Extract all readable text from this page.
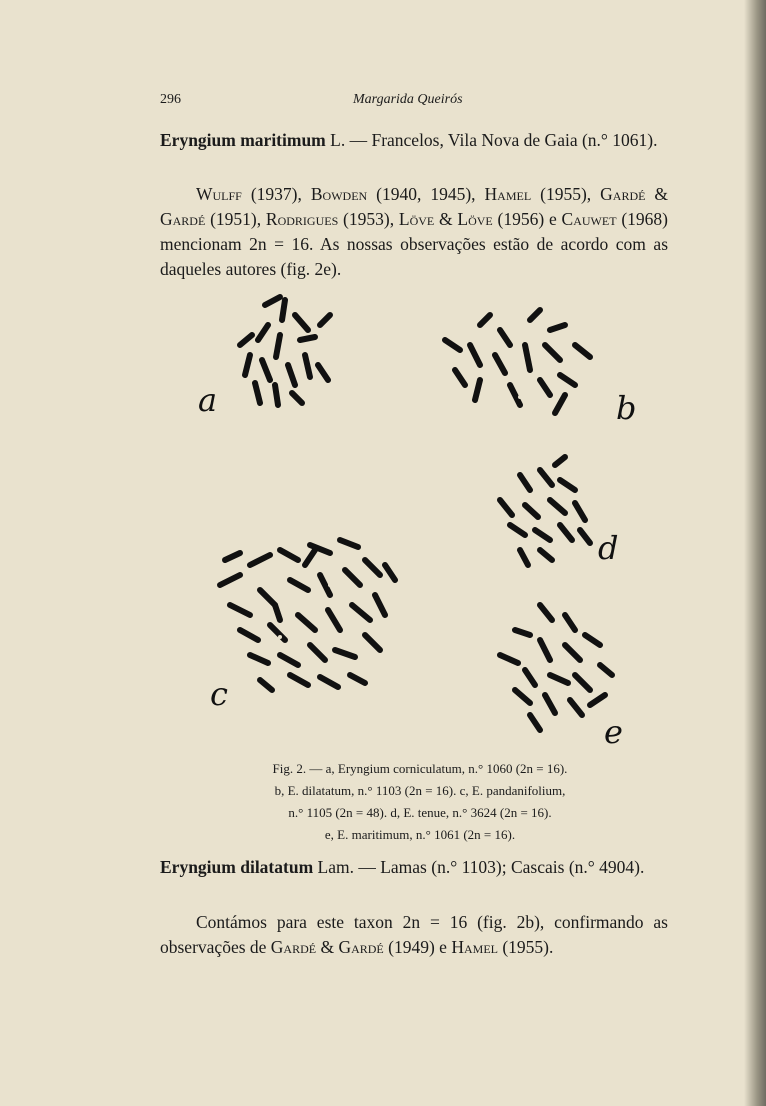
296	Margarida Queirós
Eryngium maritimum L. — Francelos, Vila Nova de Gaia (n.° 1061).
Wulff (1937), Bowden (1940, 1945), Hamel (1955), Gardé & Gardé (1951), Rodrigues (1953), Löve & Löve (1956) e Cauwet (1968) mencionam 2n = 16. As nossas observações estão de acordo com as daqueles autores (fig. 2e).
a	b
c
d
e
Fig. 2. — a, Eryngium corniculatum, n.° 1060 (2n = 16).
b, E. dilatatum, n.° 1103 (2n = 16). c, E. pandanifolium,
n.° 1105 (2n = 48). d, E. tenue, n.° 3624 (2n = 16).
e, E. maritimum, n.° 1061 (2n = 16).
Eryngium dilatatum Lam. — Lamas (n.° 1103); Cascais (n.° 4904).
Contámos para este taxon 2n = 16 (fig. 2b), confirmando as observações de Gardé & Gardé (1949) e Hamel (1955).
